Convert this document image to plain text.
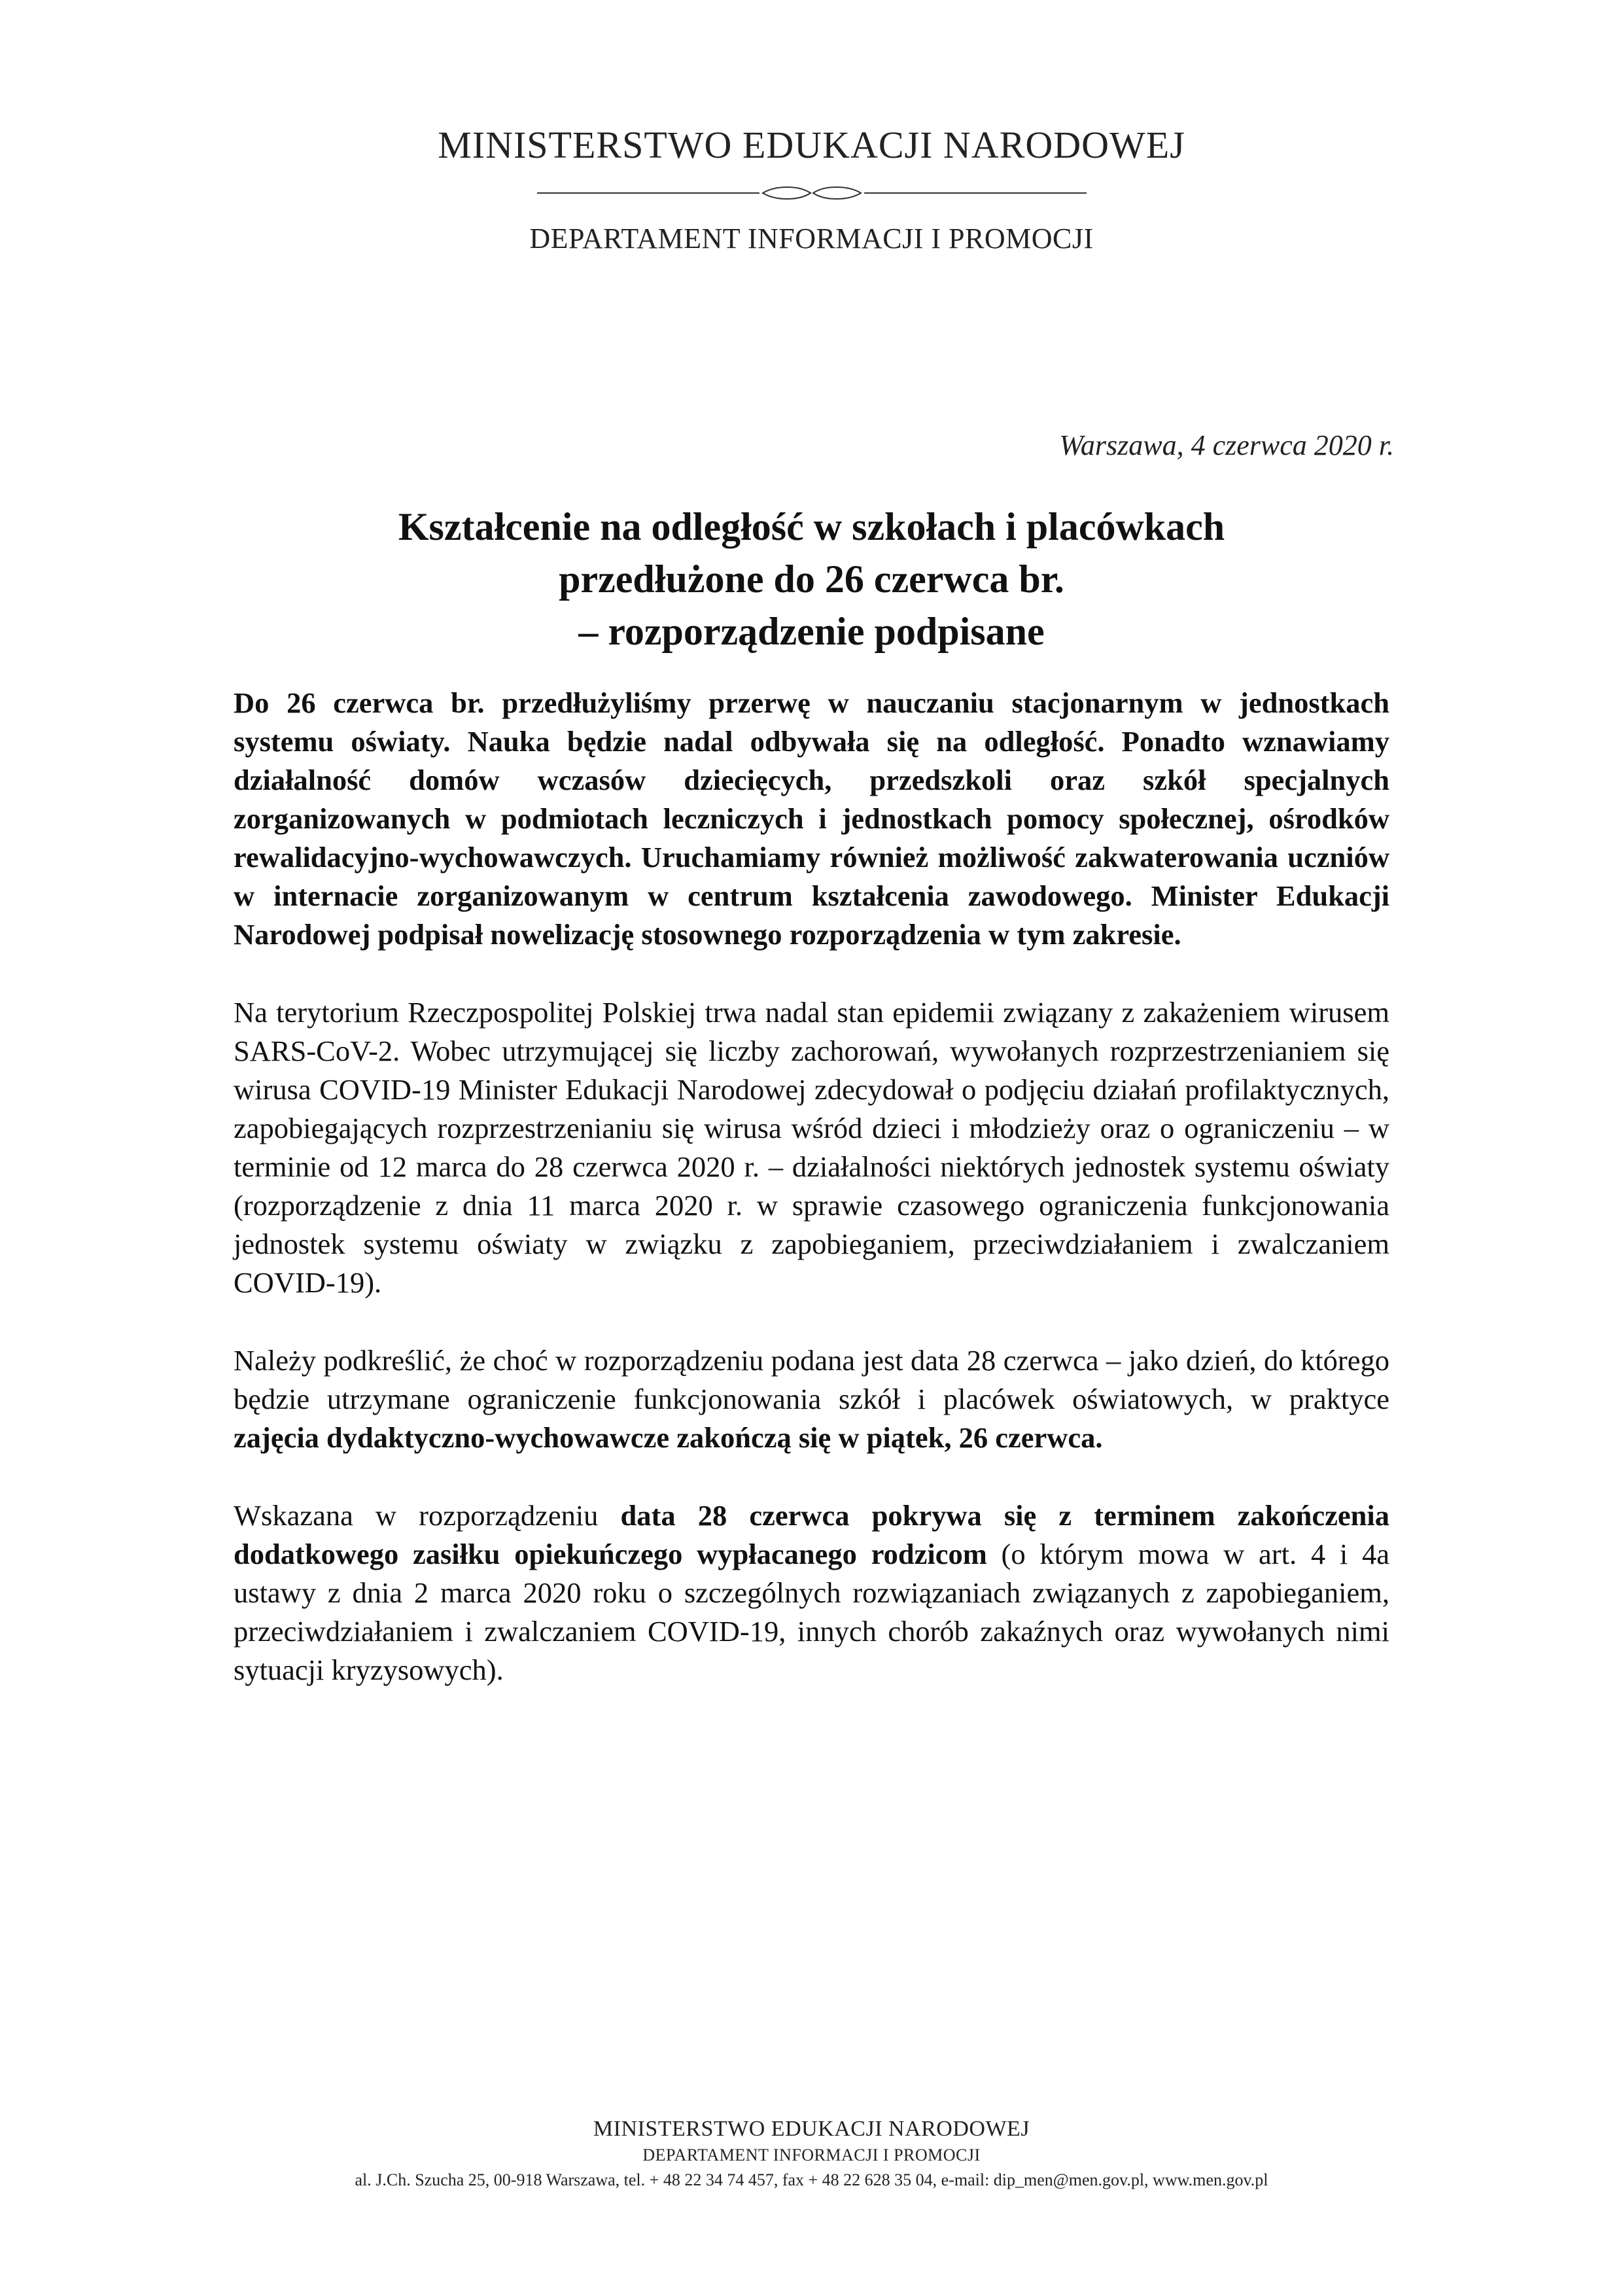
MINISTERSTWO EDUKACJI NARODOWEJ
DEPARTAMENT INFORMACJI I PROMOCJI
Warszawa, 4 czerwca 2020 r.
Kształcenie na odległość w szkołach i placówkach
przedłużone do 26 czerwca br.
– rozporządzenie podpisane

Do 26 czerwca br. przedłużyliśmy przerwę w nauczaniu stacjonarnym w jednostkach systemu oświaty. Nauka będzie nadal odbywała się na odległość. Ponadto wznawiamy działalność domów wczasów dziecięcych, przedszkoli oraz szkół specjalnych zorganizowanych w podmiotach leczniczych i jednostkach pomocy społecznej, ośrodków rewalidacyjno-wychowawczych. Uruchamiamy również możliwość zakwaterowania uczniów w internacie zorganizowanym w centrum kształcenia zawodowego. Minister Edukacji Narodowej podpisał nowelizację stosownego rozporządzenia w tym zakresie.

Na terytorium Rzeczpospolitej Polskiej trwa nadal stan epidemii związany z zakażeniem wirusem SARS-CoV-2. Wobec utrzymującej się liczby zachorowań, wywołanych rozprzestrzenianiem się wirusa COVID-19 Minister Edukacji Narodowej zdecydował o podjęciu działań profilaktycznych, zapobiegających rozprzestrzenianiu się wirusa wśród dzieci i młodzieży oraz o ograniczeniu – w terminie od 12 marca do 28 czerwca 2020 r. – działalności niektórych jednostek systemu oświaty (rozporządzenie z dnia 11 marca 2020 r. w sprawie czasowego ograniczenia funkcjonowania jednostek systemu oświaty w związku z zapobieganiem, przeciwdziałaniem i zwalczaniem COVID-19).

Należy podkreślić, że choć w rozporządzeniu podana jest data 28 czerwca – jako dzień, do którego będzie utrzymane ograniczenie funkcjonowania szkół i placówek oświatowych, w praktyce zajęcia dydaktyczno-wychowawcze zakończą się w piątek, 26 czerwca.

Wskazana w rozporządzeniu data 28 czerwca pokrywa się z terminem zakończenia dodatkowego zasiłku opiekuńczego wypłacanego rodzicom (o którym mowa w art. 4 i 4a ustawy z dnia 2 marca 2020 roku o szczególnych rozwiązaniach związanych z zapobieganiem, przeciwdziałaniem i zwalczaniem COVID-19, innych chorób zakaźnych oraz wywołanych nimi sytuacji kryzysowych).

MINISTERSTWO EDUKACJI NARODOWEJ
DEPARTAMENT INFORMACJI I PROMOCJI
al. J.Ch. Szucha 25, 00-918 Warszawa, tel. + 48 22 34 74 457, fax + 48 22 628 35 04, e-mail: dip_men@men.gov.pl, www.men.gov.pl
